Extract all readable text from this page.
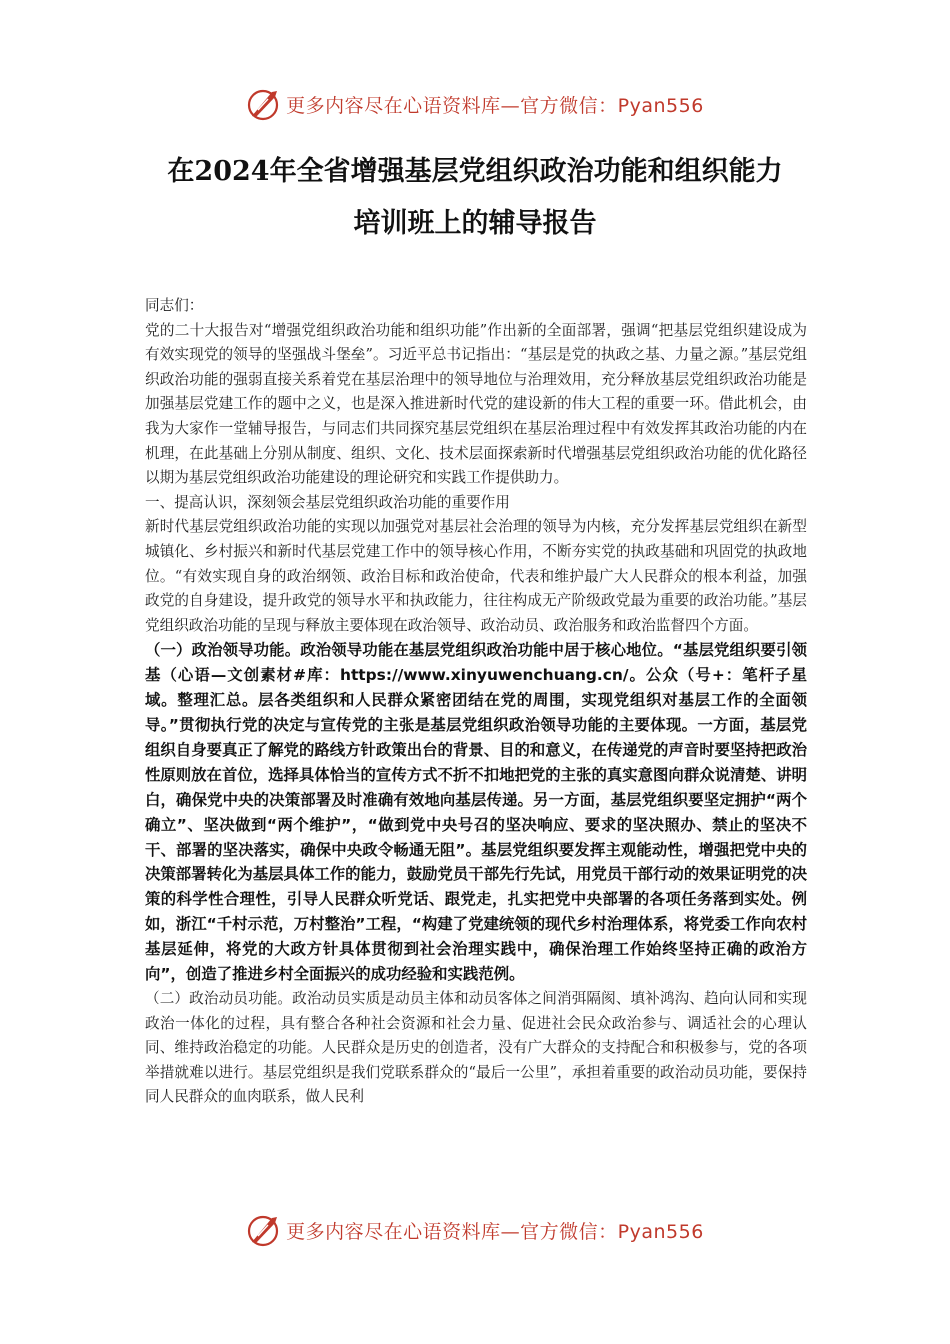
更多内容尽在心语资料库—官方微信：Pyan556
在2024年全省增强基层党组织政治功能和组织能力
培训班上的辅导报告

同志们：

党的二十大报告对“增强党组织政治功能和组织功能”作出新的全面部署，强调“把基层党组织建设成为有效实现党的领导的坚强战斗堡垒”。习近平总书记指出：“基层是党的执政之基、力量之源。”基层党组织政治功能的强弱直接关系着党在基层治理中的领导地位与治理效用，充分释放基层党组织政治功能是加强基层党建工作的题中之义，也是深入推进新时代党的建设新的伟大工程的重要一环。借此机会，由我为大家作一堂辅导报告，与同志们共同探究基层党组织在基层治理过程中有效发挥其政治功能的内在机理，在此基础上分别从制度、组织、文化、技术层面探索新时代增强基层党组织政治功能的优化路径以期为基层党组织政治功能建设的理论研究和实践工作提供助力。

一、提高认识，深刻领会基层党组织政治功能的重要作用

新时代基层党组织政治功能的实现以加强党对基层社会治理的领导为内核，充分发挥基层党组织在新型城镇化、乡村振兴和新时代基层党建工作中的领导核心作用，不断夯实党的执政基础和巩固党的执政地位。“有效实现自身的政治纲领、政治目标和政治使命，代表和维护最广大人民群众的根本利益，加强政党的自身建设，提升政党的领导水平和执政能力，往往构成无产阶级政党最为重要的政治功能。”基层党组织政治功能的呈现与释放主要体现在政治领导、政治动员、政治服务和政治监督四个方面。

（一）政治领导功能。政治领导功能在基层党组织政治功能中居于核心地位。“基层党组织要引领基（心语—文创素材#库：https://www.xinyuwenchuang.cn/。公众（号+：笔杆子星域。整理汇总。层各类组织和人民群众紧密团结在党的周围，实现党组织对基层工作的全面领导。”贯彻执行党的决定与宣传党的主张是基层党组织政治领导功能的主要体现。一方面，基层党组织自身要真正了解党的路线方针政策出台的背景、目的和意义，在传递党的声音时要坚持把政治性原则放在首位，选择具体恰当的宣传方式不折不扣地把党的主张的真实意图向群众说清楚、讲明白，确保党中央的决策部署及时准确有效地向基层传递。另一方面，基层党组织要坚定拥护“两个确立”、坚决做到“两个维护”，“做到党中央号召的坚决响应、要求的坚决照办、禁止的坚决不干、部署的坚决落实，确保中央政令畅通无阻”。基层党组织要发挥主观能动性，增强把党中央的决策部署转化为基层具体工作的能力，鼓励党员干部先行先试，用党员干部行动的效果证明党的决策的科学性合理性，引导人民群众听党话、跟党走，扎实把党中央部署的各项任务落到实处。例如，浙江“千村示范，万村整治”工程，“构建了党建统领的现代乡村治理体系，将党委工作向农村基层延伸，将党的大政方针具体贯彻到社会治理实践中，确保治理工作始终坚持正确的政治方向”，创造了推进乡村全面振兴的成功经验和实践范例。

（二）政治动员功能。政治动员实质是动员主体和动员客体之间消弭隔阂、填补鸿沟、趋向认同和实现政治一体化的过程，具有整合各种社会资源和社会力量、促进社会民众政治参与、调适社会的心理认同、维持政治稳定的功能。人民群众是历史的创造者，没有广大群众的支持配合和积极参与，党的各项举措就难以进行。基层党组织是我们党联系群众的“最后一公里”，承担着重要的政治动员功能，要保持同人民群众的血肉联系，做人民利

更多内容尽在心语资料库—官方微信：Pyan556
